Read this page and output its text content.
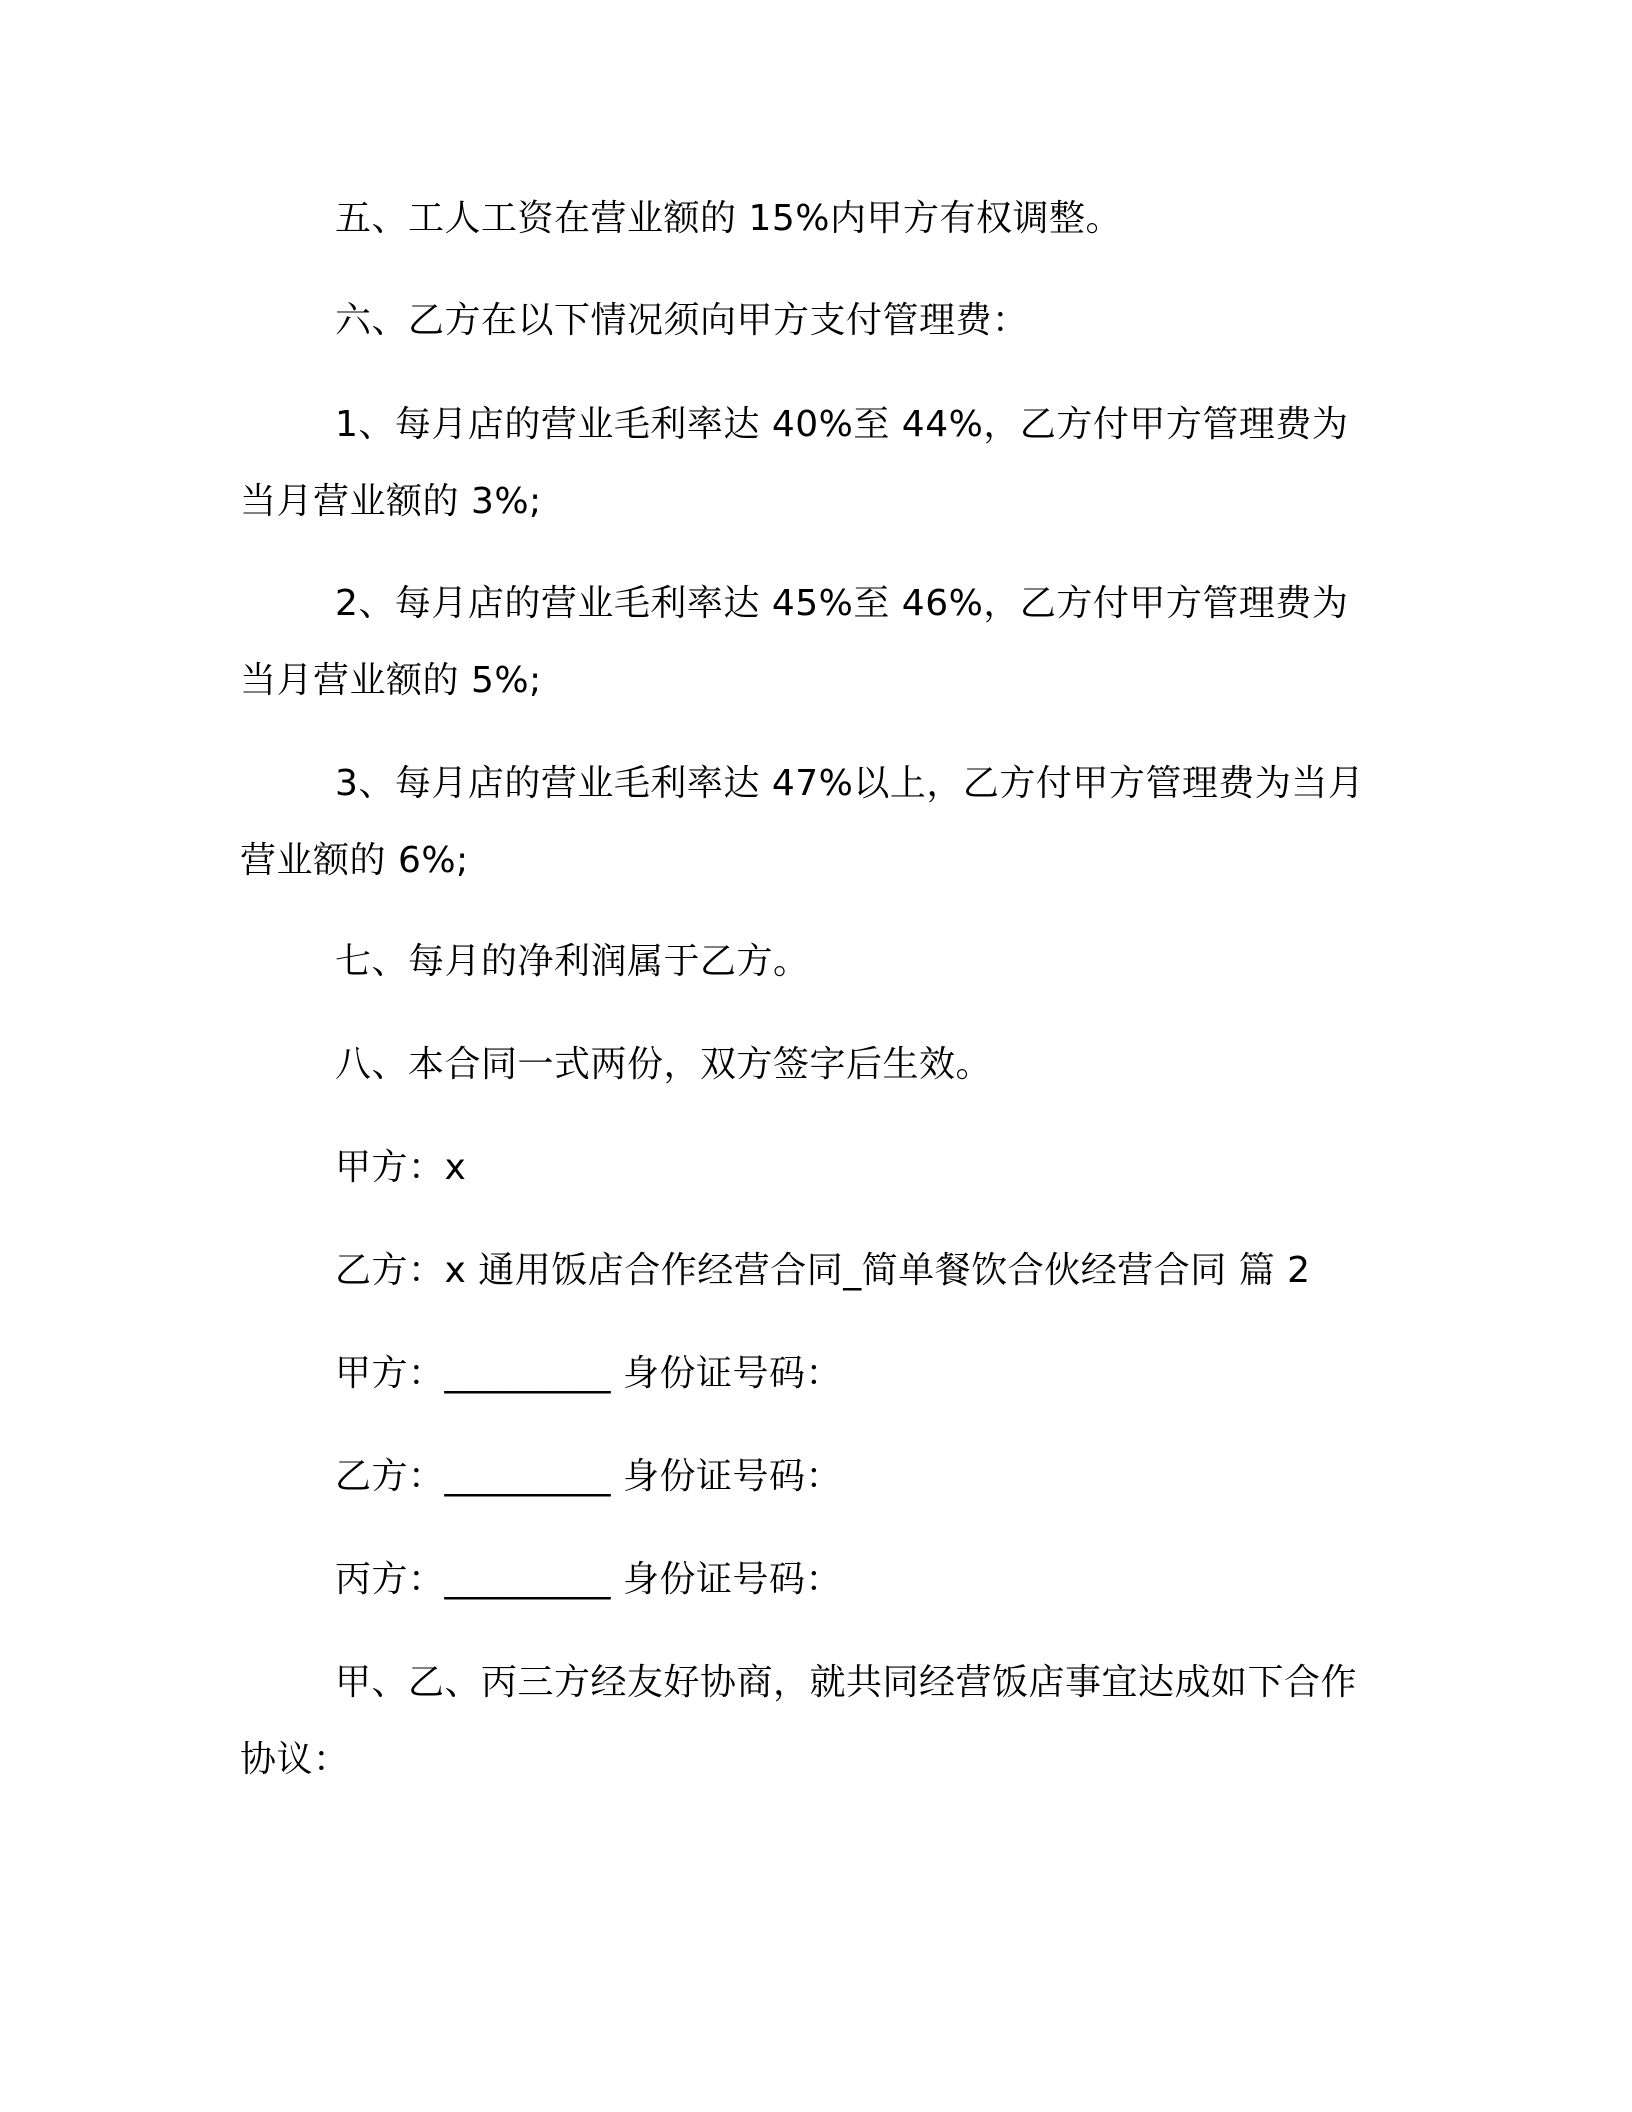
五、工人工资在营业额的 15%内甲方有权调整。

六、乙方在以下情况须向甲方支付管理费：

1、每月店的营业毛利率达 40%至 44%，乙方付甲方管理费为当月营业额的 3%;

2、每月店的营业毛利率达 45%至 46%，乙方付甲方管理费为当月营业额的 5%;

3、每月店的营业毛利率达 47%以上，乙方付甲方管理费为当月营业额的 6%;

七、每月的净利润属于乙方。

八、本合同一式两份，双方签字后生效。

甲方：x

乙方：x 通用饭店合作经营合同_简单餐饮合伙经营合同 篇 2

甲方：_________ 身份证号码：

乙方：_________ 身份证号码：

丙方：_________ 身份证号码：

甲、乙、丙三方经友好协商，就共同经营饭店事宜达成如下合作协议：
